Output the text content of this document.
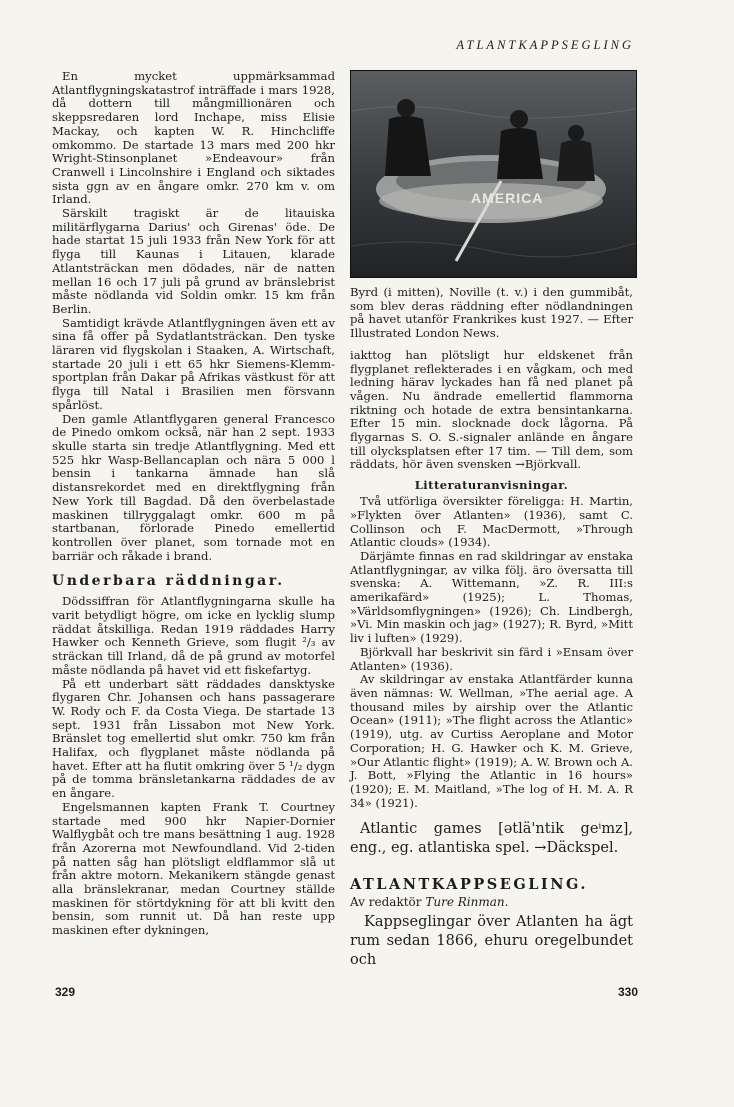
ATLANTKAPPSEGLING

En mycket uppmärksammad Atlantflygningskatastrof inträffade i mars 1928, då dottern till mångmillionären och skeppsredaren lord Inchape, miss Elisie Mackay, och kapten W. R. Hinchcliffe omkommo. De startade 13 mars med 200 hkr Wright-Stinsonplanet »Endeavour» från Cranwell i Lincolnshire i England och siktades sista ggn av en ångare omkr. 270 km v. om Irland.

Särskilt tragiskt är de litauiska militärflygarna Darius' och Girenas' öde. De hade startat 15 juli 1933 från New York för att flyga till Kaunas i Litauen, klarade Atlantsträckan men dödades, när de natten mellan 16 och 17 juli på grund av bränslebrist måste nödlanda vid Soldin omkr. 15 km från Berlin.

Samtidigt krävde Atlantflygningen även ett av sina få offer på Sydatlantsträckan. Den tyske läraren vid flygskolan i Staaken, A. Wirtschaft, startade 20 juli i ett 65 hkr Siemens-Klemm-sportplan från Dakar på Afrikas västkust för att flyga till Natal i Brasilien men försvann spårlöst.

Den gamle Atlantflygaren general Francesco de Pinedo omkom också, när han 2 sept. 1933 skulle starta sin tredje Atlantflygning. Med ett 525 hkr Wasp-Bellancaplan och nära 5 000 l bensin i tankarna ämnade han slå distansrekordet med en direktflygning från New York till Bagdad. Då den överbelastade maskinen tillryggalagt omkr. 600 m på startbanan, förlorade Pinedo emellertid kontrollen över planet, som tornade mot en barriär och råkade i brand.

Underbara räddningar.

Dödssiffran för Atlantflygningarna skulle ha varit betydligt högre, om icke en lycklig slump räddat åtskilliga. Redan 1919 räddades Harry Hawker och Kenneth Grieve, som flugit ²/₃ av sträckan till Irland, då de på grund av motorfel måste nödlanda på havet vid ett fiskefartyg.

På ett underbart sätt räddades dansktyske flygaren Chr. Johansen och hans passagerare W. Rody och F. da Costa Viega. De startade 13 sept. 1931 från Lissabon mot New York. Bränslet tog emellertid slut omkr. 750 km från Halifax, och flygplanet måste nödlanda på havet. Efter att ha flutit omkring över 5 ¹/₂ dygn på de tomma bränsletankarna räddades de av en ångare.

Engelsmannen kapten Frank T. Courtney startade med 900 hkr Napier-Dornier Walflygbåt och tre mans besättning 1 aug. 1928 från Azorerna mot Newfoundland. Vid 2-tiden på natten såg han plötsligt eldflammor slå ut från aktre motorn. Mekanikern stängde genast alla bränslekranar, medan Courtney ställde maskinen för störtdykning för att bli kvitt den bensin, som runnit ut. Då han reste upp maskinen efter dykningen,

AMERICA

Byrd (i mitten), Noville (t. v.) i den gummibåt, som blev deras räddning efter nödlandningen på havet utanför Frankrikes kust 1927. — Efter Illustrated London News.

iakttog han plötsligt hur eldskenet från flygplanet reflekterades i en vågkam, och med ledning härav lyckades han få ned planet på vågen. Nu ändrade emellertid flammorna riktning och hotade de extra bensintankarna. Efter 15 min. slocknade dock lågorna. På flygarnas S. O. S.-signaler anlände en ångare till olycksplatsen efter 17 tim. — Till dem, som räddats, hör även svensken →Björkvall.

Litteraturanvisningar.

Två utförliga översikter föreligga: H. Martin, »Flykten över Atlanten» (1936), samt C. Collinson och F. MacDermott, »Through Atlantic clouds» (1934).

Därjämte finnas en rad skildringar av enstaka Atlantflygningar, av vilka följ. äro översatta till svenska: A. Wittemann, »Z. R. III:s amerikafärd» (1925); L. Thomas, »Världsomflygningen» (1926); Ch. Lindbergh, »Vi. Min maskin och jag» (1927); R. Byrd, »Mitt liv i luften» (1929).

Björkvall har beskrivit sin färd i »Ensam över Atlanten» (1936).

Av skildringar av enstaka Atlantfärder kunna även nämnas: W. Wellman, »The aerial age. A thousand miles by airship over the Atlantic Ocean» (1911); »The flight across the Atlantic» (1919), utg. av Curtiss Aeroplane and Motor Corporation; H. G. Hawker och K. M. Grieve, »Our Atlantic flight» (1919); A. W. Brown och A. J. Bott, »Flying the Atlantic in 16 hours» (1920); E. M. Maitland, »The log of H. M. A. R 34» (1921).

Atlantic games [ətlä'ntik geⁱmz], eng., eg. atlantiska spel. →Däckspel.

ATLANTKAPPSEGLING.
Av redaktör Ture Rinman.

Kappseglingar över Atlanten ha ägt rum sedan 1866, ehuru oregelbundet och

329	330
